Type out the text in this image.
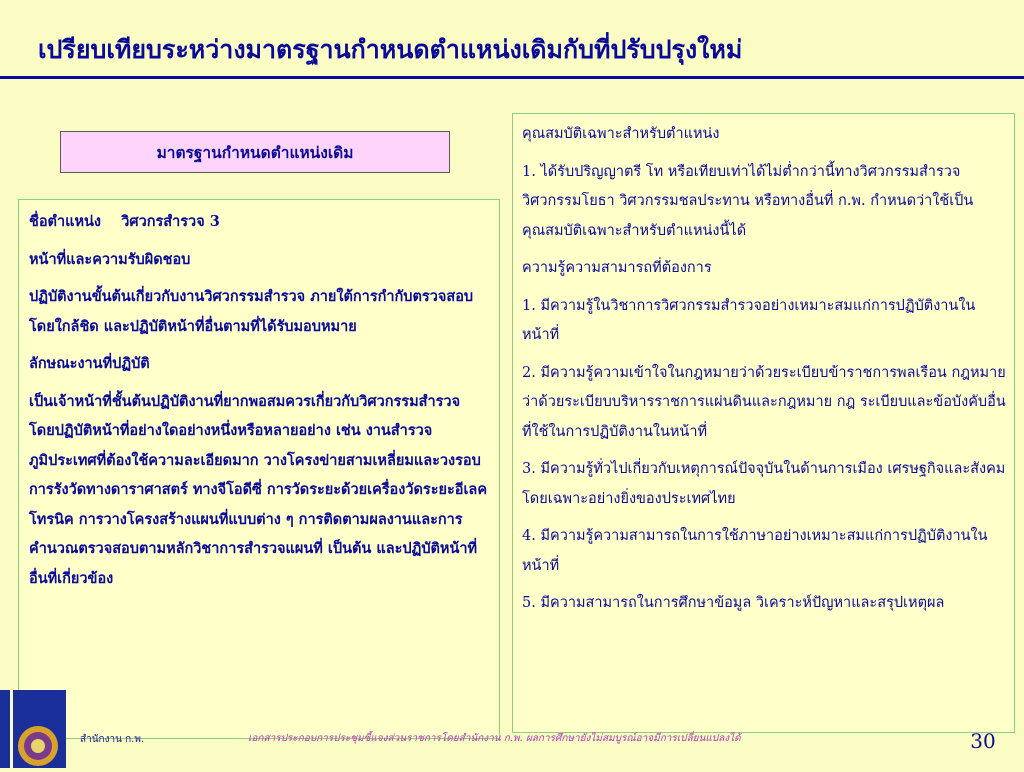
เปรียบเทียบระหว่างมาตรฐานกำหนดตำแหน่งเดิมกับที่ปรับปรุงใหม่
มาตรฐานกำหนดตำแหน่งเดิม

ชื่อตำแหน่ง วิศวกรสำรวจ 3

หน้าที่และความรับผิดชอบ

ปฏิบัติงานขั้นต้นเกี่ยวกับงานวิศวกรรมสำรวจ ภายใต้การกำกับตรวจสอบโดยใกล้ชิด และปฏิบัติหน้าที่อื่นตามที่ได้รับมอบหมาย

ลักษณะงานที่ปฏิบัติ

เป็นเจ้าหน้าที่ชั้นต้นปฏิบัติงานที่ยากพอสมควรเกี่ยวกับวิศวกรรมสำรวจ โดยปฏิบัติหน้าที่อย่างใดอย่างหนึ่งหรือหลายอย่าง เช่น งานสำรวจภูมิประเทศที่ต้องใช้ความละเอียดมาก วางโครงข่ายสามเหลี่ยมและวงรอบการรังวัดทางดาราศาสตร์ ทางจีโอดีซี่ การวัดระยะด้วยเครื่องวัดระยะอีเลคโทรนิค การวางโครงสร้างแผนที่แบบต่าง ๆ การติดตามผลงานและการคำนวณตรวจสอบตามหลักวิชาการสำรวจแผนที่ เป็นต้น และปฏิบัติหน้าที่อื่นที่เกี่ยวข้อง

คุณสมบัติเฉพาะสำหรับตำแหน่ง

1. ได้รับปริญญาตรี โท หรือเทียบเท่าได้ไม่ต่ำกว่านี้ทางวิศวกรรมสำรวจ วิศวกรรมโยธา วิศวกรรมชลประทาน หรือทางอื่นที่ ก.พ. กำหนดว่าใช้เป็นคุณสมบัติเฉพาะสำหรับตำแหน่งนี้ได้

ความรู้ความสามารถที่ต้องการ

1. มีความรู้ในวิชาการวิศวกรรมสำรวจอย่างเหมาะสมแก่การปฏิบัติงานในหน้าที่

2. มีความรู้ความเข้าใจในกฎหมายว่าด้วยระเบียบข้าราชการพลเรือน กฎหมายว่าด้วยระเบียบบริหารราชการแผ่นดินและกฎหมาย กฎ ระเบียบและข้อบังคับอื่นที่ใช้ในการปฏิบัติงานในหน้าที่

3. มีความรู้ทั่วไปเกี่ยวกับเหตุการณ์ปัจจุบันในด้านการเมือง เศรษฐกิจและสังคม โดยเฉพาะอย่างยิ่งของประเทศไทย

4. มีความรู้ความสามารถในการใช้ภาษาอย่างเหมาะสมแก่การปฏิบัติงานในหน้าที่

5. มีความสามารถในการศึกษาข้อมูล วิเคราะห์ปัญหาและสรุปเหตุผล

สำนักงาน ก.พ.	เอกสารประกอบการประชุมชี้แจงส่วนราชการโดยสำนักงาน ก.พ. ผลการศึกษายังไม่สมบูรณ์อาจมีการเปลี่ยนแปลงได้	30
